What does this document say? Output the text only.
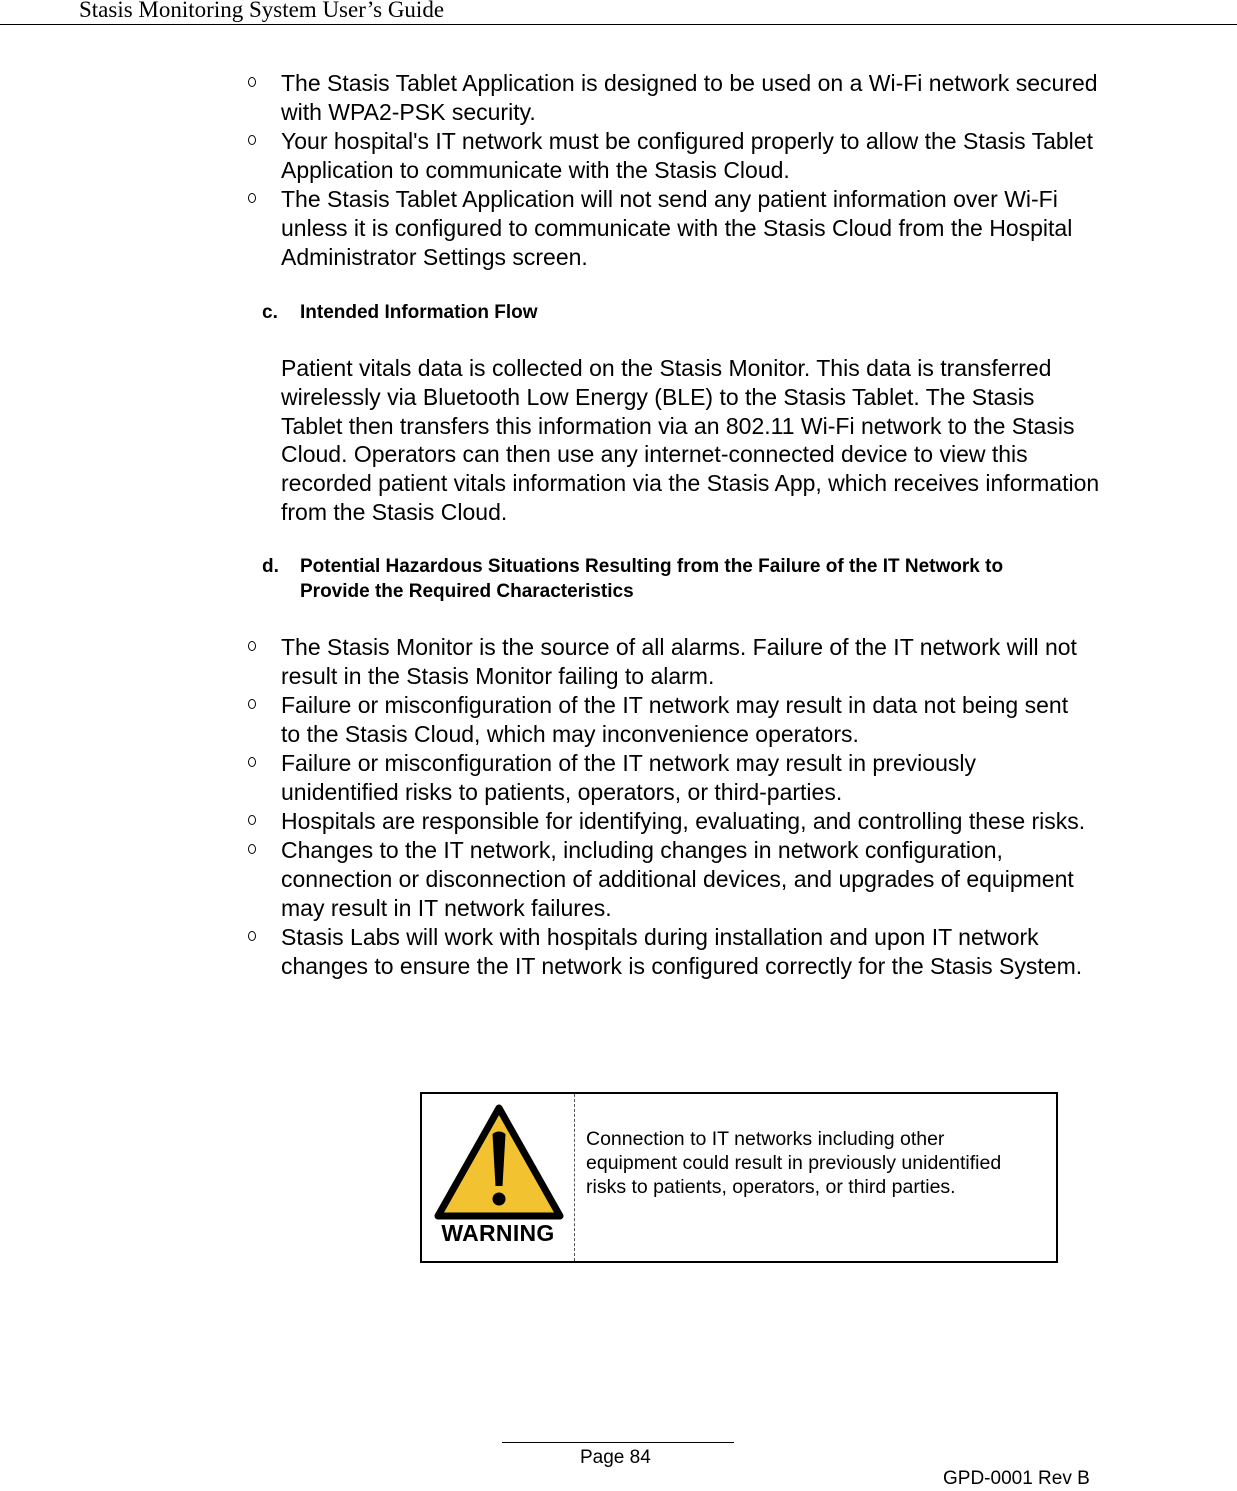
Stasis Monitoring System User’s Guide
The Stasis Tablet Application is designed to be used on a Wi-Fi network secured with WPA2-PSK security.
Your hospital's IT network must be configured properly to allow the Stasis Tablet Application to communicate with the Stasis Cloud.
The Stasis Tablet Application will not send any patient information over Wi-Fi unless it is configured to communicate with the Stasis Cloud from the Hospital Administrator Settings screen.
c.	Intended Information Flow

Patient vitals data is collected on the Stasis Monitor. This data is transferred wirelessly via Bluetooth Low Energy (BLE) to the Stasis Tablet. The Stasis Tablet then transfers this information via an 802.11 Wi-Fi network to the Stasis Cloud. Operators can then use any internet-connected device to view this recorded patient vitals information via the Stasis App, which receives information from the Stasis Cloud.

d.	Potential Hazardous Situations Resulting from the Failure of the IT Network to Provide the Required Characteristics
The Stasis Monitor is the source of all alarms. Failure of the IT network will not result in the Stasis Monitor failing to alarm.
Failure or misconfiguration of the IT network may result in data not being sent to the Stasis Cloud, which may inconvenience operators.
Failure or misconfiguration of the IT network may result in previously unidentified risks to patients, operators, or third-parties.
Hospitals are responsible for identifying, evaluating, and controlling these risks.
Changes to the IT network, including changes in network configuration, connection or disconnection of additional devices, and upgrades of equipment may result in IT network failures.
Stasis Labs will work with hospitals during installation and upon IT network changes to ensure the IT network is configured correctly for the Stasis System.
WARNING
Connection to IT networks including other equipment could result in previously unidentified risks to patients, operators, or third parties.
Page 84
GPD-0001 Rev B
